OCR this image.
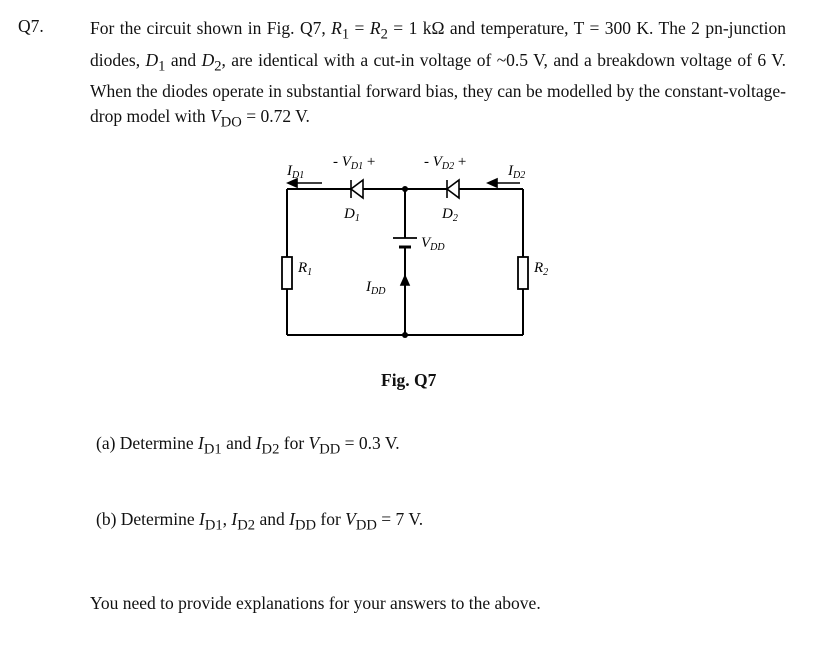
Q7.	For the circuit shown in Fig. Q7, $R_1 = R_2 = 1$ kΩ and temperature, T = 300 K. The 2 pn-junction diodes, $D_1$ and $D_2$, are identical with a cut-in voltage of ~0.5 V, and a breakdown voltage of 6 V. When the diodes operate in substantial forward bias, they can be modelled by the constant-voltage-drop model with $V_{DO} = 0.72$ V.
- $V_{D1}$ +	- $V_{D2}$ +
$I_{D1}$	$I_{D2}$
$D_1$	$D_2$
$V_{DD}$
$R_1$	$R_2$
$I_{DD}$
Fig. Q7
(a) Determine $I_{D1}$ and $I_{D2}$ for $V_{DD} = 0.3$ V.
(b) Determine $I_{D1}$, $I_{D2}$ and $I_{DD}$ for $V_{DD} = 7$ V.
You need to provide explanations for your answers to the above.
